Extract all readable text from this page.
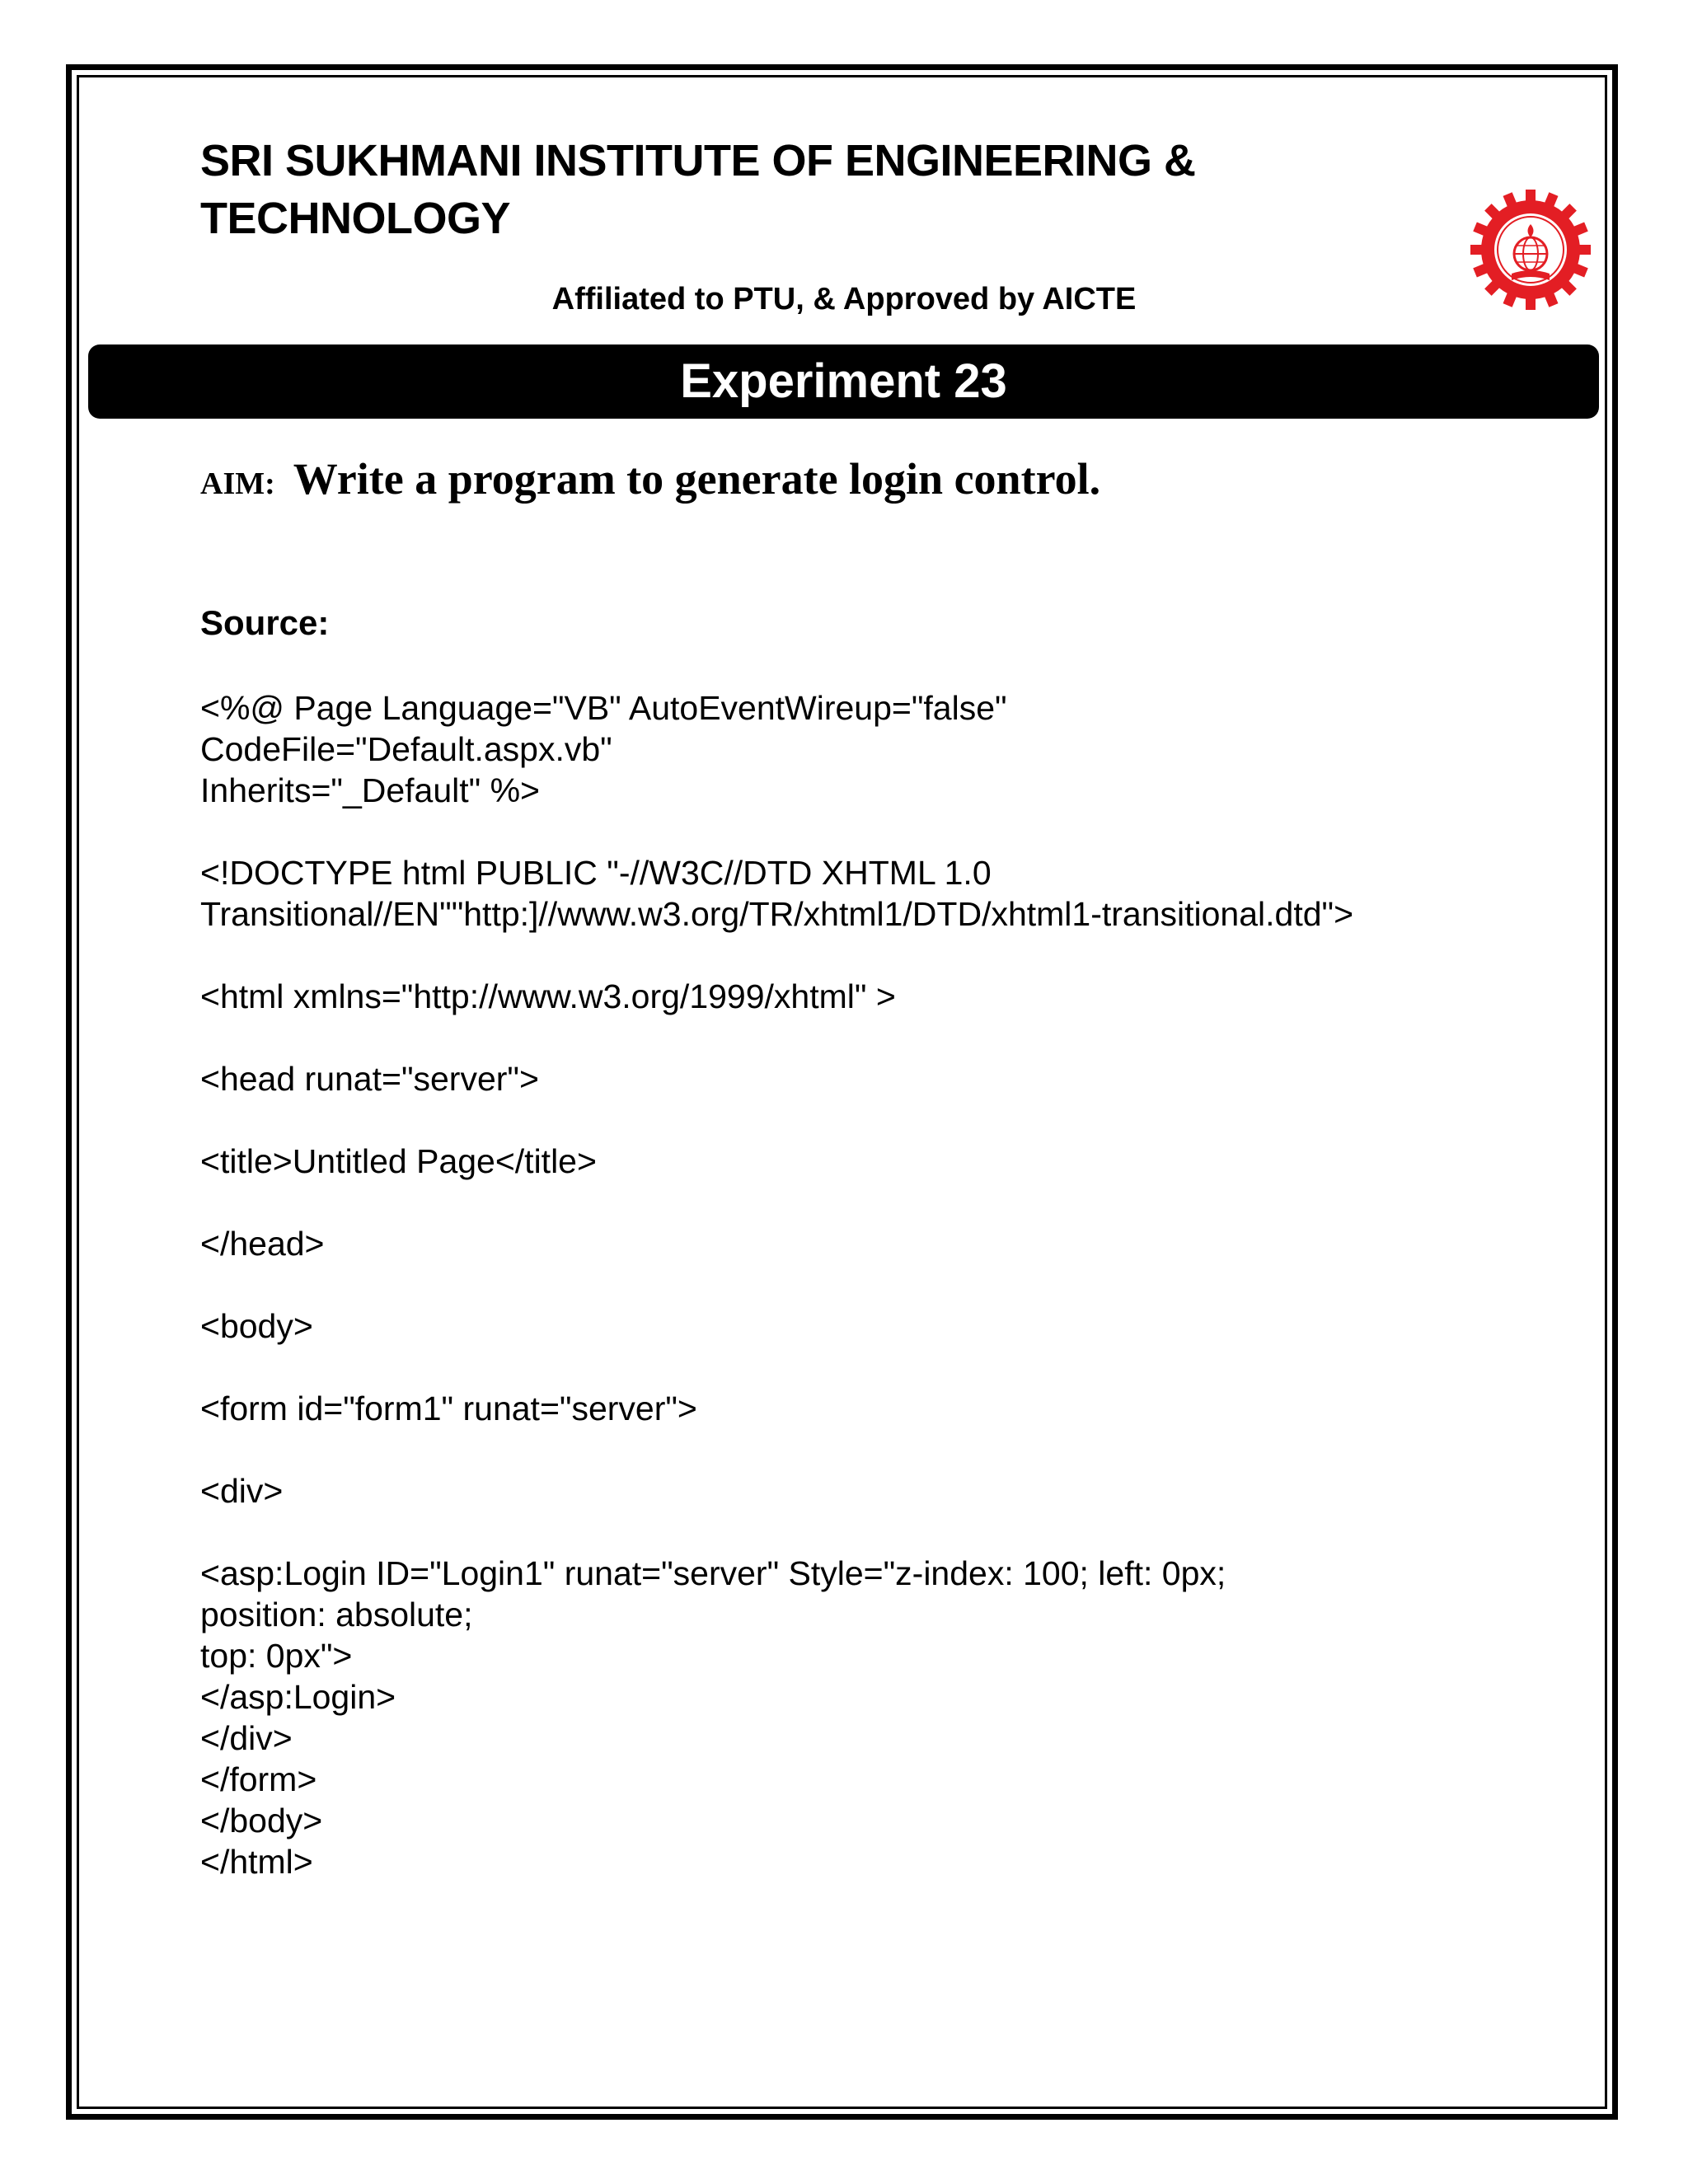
SRI SUKHMANI INSTITUTE OF ENGINEERING &
TECHNOLOGY
Affiliated to PTU, & Approved by AICTE
Experiment 23
AIM: Write a program to generate login control.
Source:
<%@ Page Language="VB" AutoEventWireup="false"
CodeFile="Default.aspx.vb"
Inherits="_Default" %>

<!DOCTYPE html PUBLIC "-//W3C//DTD XHTML 1.0
Transitional//EN""http:]//www.w3.org/TR/xhtml1/DTD/xhtml1-transitional.dtd">

<html xmlns="http://www.w3.org/1999/xhtml" >

<head runat="server">

<title>Untitled Page</title>

</head>

<body>

<form id="form1" runat="server">

<div>

<asp:Login ID="Login1" runat="server" Style="z-index: 100; left: 0px;
position: absolute;
top: 0px">
</asp:Login>
</div>
</form>
</body>
</html>
